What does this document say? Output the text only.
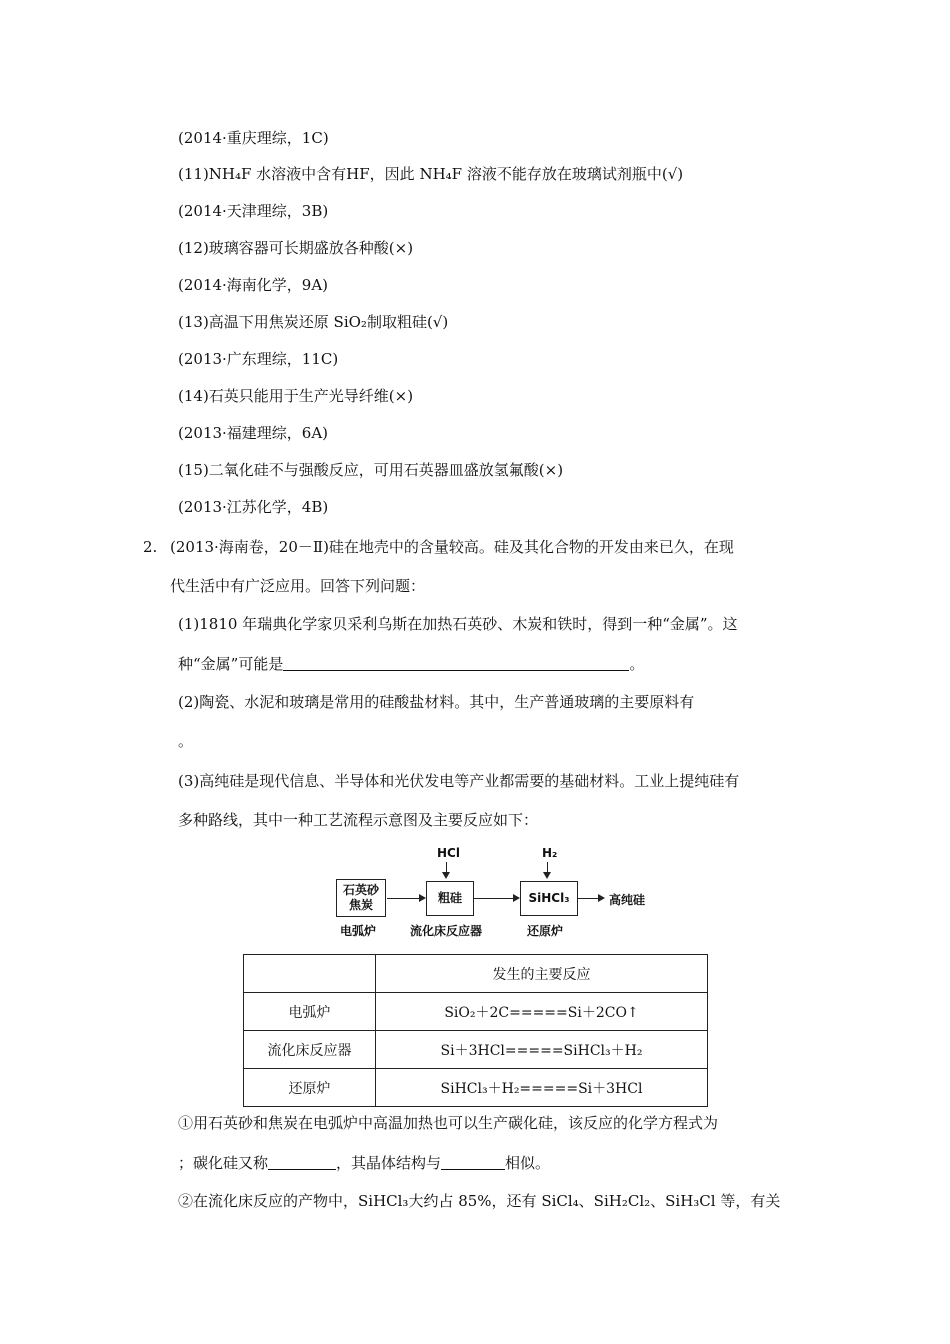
(2014·重庆理综，1C)
(11)NH₄F 水溶液中含有HF，因此 NH₄F 溶液不能存放在玻璃试剂瓶中(√)
(2014·天津理综，3B)
(12)玻璃容器可长期盛放各种酸(×)
(2014·海南化学，9A)
(13)高温下用焦炭还原 SiO₂制取粗硅(√)
(2013·广东理综，11C)
(14)石英只能用于生产光导纤维(×)
(2013·福建理综，6A)
(15)二氧化硅不与强酸反应，可用石英器皿盛放氢氟酸(×)
(2013·江苏化学，4B)
2. (2013·海南卷，20－Ⅱ)硅在地壳中的含量较高。硅及其化合物的开发由来已久，在现
代生活中有广泛应用。回答下列问题：
(1)1810 年瑞典化学家贝采利乌斯在加热石英砂、木炭和铁时，得到一种“金属”。这
种“金属”可能是	。
(2)陶瓷、水泥和玻璃是常用的硅酸盐材料。其中，生产普通玻璃的主要原料有
。
(3)高纯硅是现代信息、半导体和光伏发电等产业都需要的基础材料。工业上提纯硅有
多种路线，其中一种工艺流程示意图及主要反应如下：
HCl	H₂
石英砂
焦炭	粗硅	SiHCl₃	高纯硅
电弧炉	流化床反应器	还原炉
	发生的主要反应
电弧炉	SiO₂＋2C=====Si＋2CO↑
流化床反应器	Si＋3HCl=====SiHCl₃＋H₂
还原炉	SiHCl₃＋H₂=====Si＋3HCl
①用石英砂和焦炭在电弧炉中高温加热也可以生产碳化硅，该反应的化学方程式为
；碳化硅又称	，其晶体结构与	相似。
②在流化床反应的产物中，SiHCl₃大约占 85%，还有 SiCl₄、SiH₂Cl₂、SiH₃Cl 等，有关
